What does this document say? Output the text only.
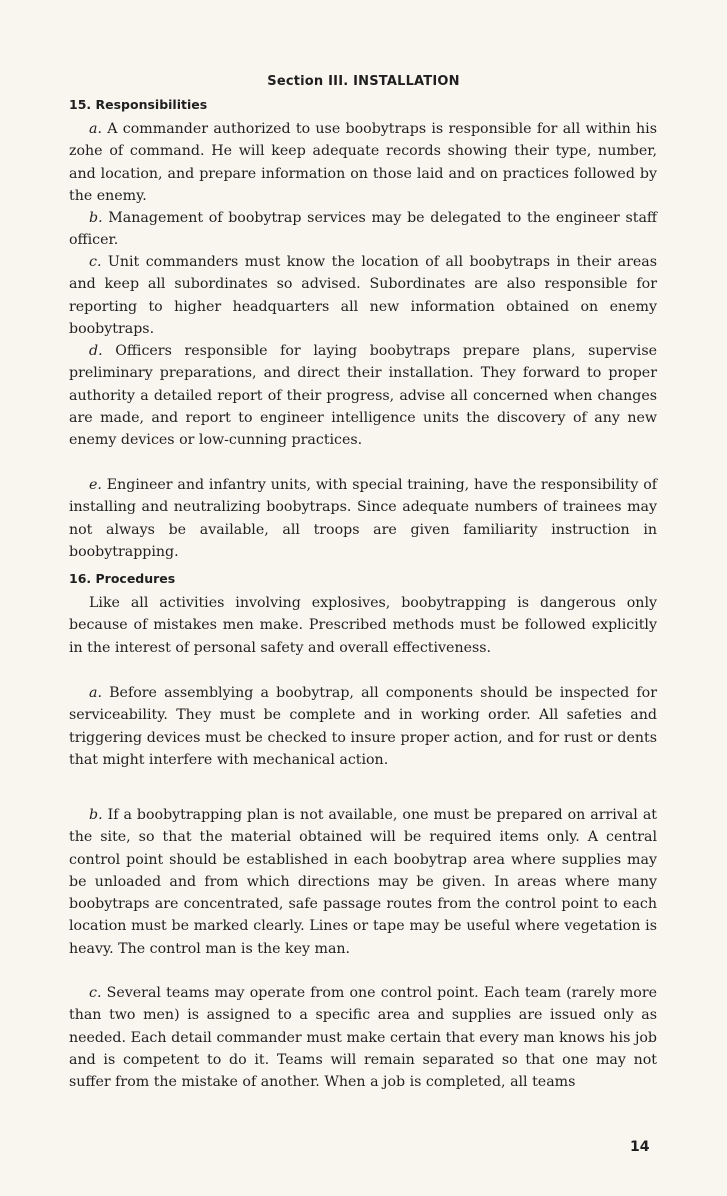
Section III. INSTALLATION
15. Responsibilities

a. A commander authorized to use boobytraps is responsible for all within his zohe of command. He will keep adequate records showing their type, number, and location, and prepare information on those laid and on practices followed by the enemy.

b. Management of boobytrap services may be delegated to the engineer staff officer.

c. Unit commanders must know the location of all boobytraps in their areas and keep all subordinates so advised. Subordinates are also responsible for reporting to higher headquarters all new information obtained on enemy boobytraps.

d. Officers responsible for laying boobytraps prepare plans, supervise preliminary preparations, and direct their installation. They forward to proper authority a detailed report of their progress, advise all concerned when changes are made, and report to engineer intelligence units the discovery of any new enemy devices or low-cunning practices.

e. Engineer and infantry units, with special training, have the responsibility of installing and neutralizing boobytraps. Since adequate numbers of trainees may not always be available, all troops are given familiarity instruction in boobytrapping.

16. Procedures

Like all activities involving explosives, boobytrapping is dangerous only because of mistakes men make. Prescribed methods must be followed explicitly in the interest of personal safety and overall effectiveness.

a. Before assemblying a boobytrap, all components should be inspected for serviceability. They must be complete and in working order. All safeties and triggering devices must be checked to insure proper action, and for rust or dents that might interfere with mechanical action.

b. If a boobytrapping plan is not available, one must be prepared on arrival at the site, so that the material obtained will be required items only. A central control point should be established in each boobytrap area where supplies may be unloaded and from which directions may be given. In areas where many boobytraps are concentrated, safe passage routes from the control point to each location must be marked clearly. Lines or tape may be useful where vegetation is heavy. The control man is the key man.

c. Several teams may operate from one control point. Each team (rarely more than two men) is assigned to a specific area and supplies are issued only as needed. Each detail commander must make certain that every man knows his job and is competent to do it. Teams will remain separated so that one may not suffer from the mistake of another. When a job is completed, all teams

14
